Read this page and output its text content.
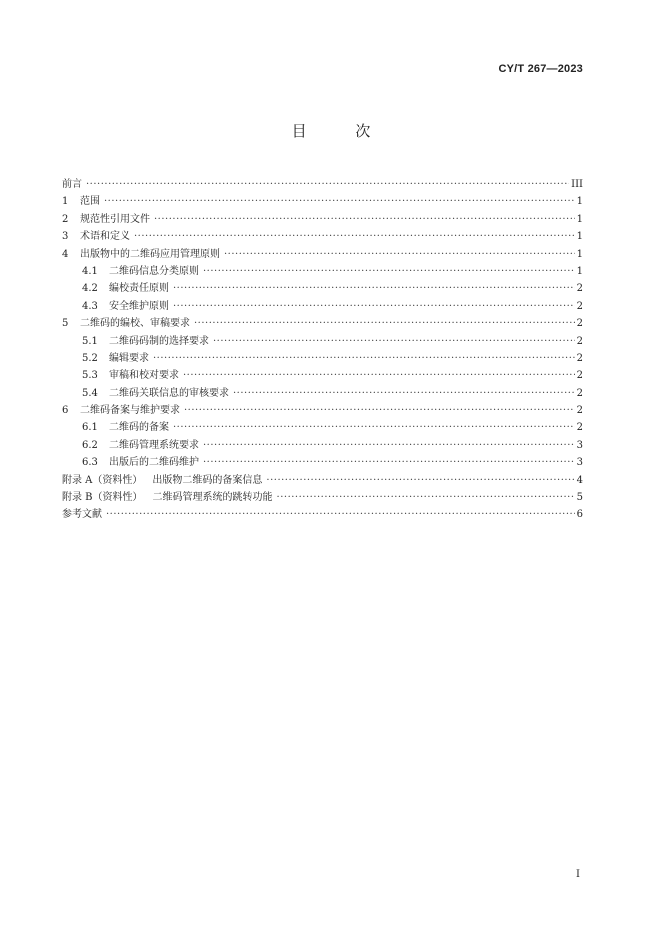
CY/T 267—2023
目 次
前言 ·····	III
1	范围 ·····	1
2	规范性引用文件 ·····	1
3	术语和定义 ·····	1
4	出版物中的二维码应用管理原则 ·····	1
4.1	二维码信息分类原则 ·····	1
4.2	编校责任原则 ·····	2
4.3	安全维护原则 ·····	2
5	二维码的编校、审稿要求 ·····	2
5.1	二维码码制的选择要求 ·····	2
5.2	编辑要求 ·····	2
5.3	审稿和校对要求 ·····	2
5.4	二维码关联信息的审核要求 ·····	2
6	二维码备案与维护要求 ·····	2
6.1	二维码的备案 ·····	2
6.2	二维码管理系统要求 ·····	3
6.3	出版后的二维码维护 ·····	3
附录 A（资料性） 出版物二维码的备案信息 ·····	4
附录 B（资料性） 二维码管理系统的跳转功能 ·····	5
参考文献 ·····	6
I
